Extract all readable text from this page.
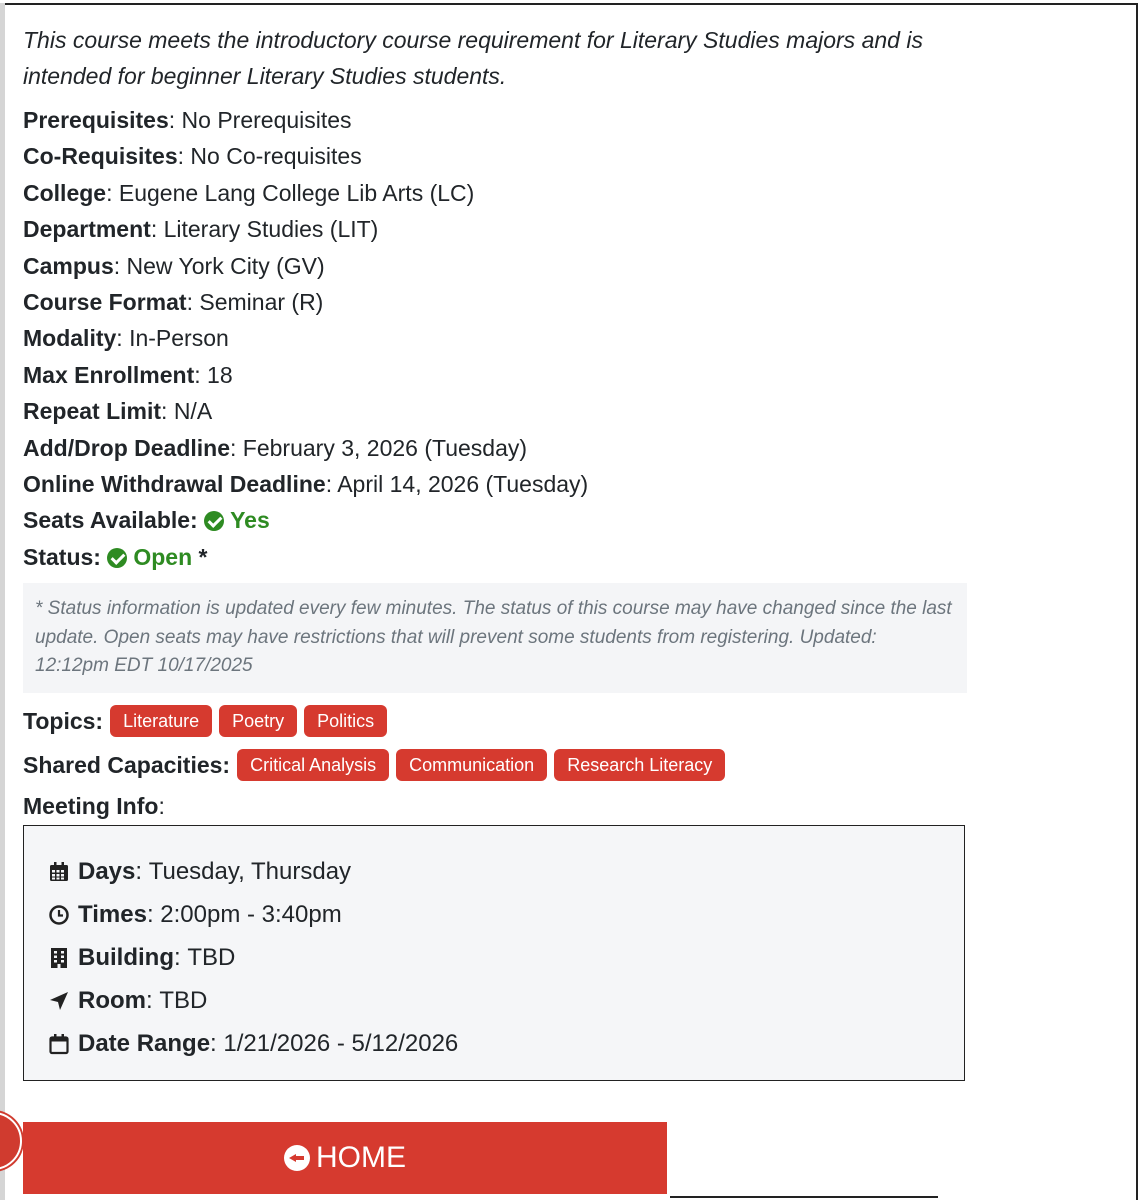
This course meets the introductory course requirement for Literary Studies majors and is intended for beginner Literary Studies students.

Prerequisites: No Prerequisites
Co-Requisites: No Co-requisites
College: Eugene Lang College Lib Arts (LC)
Department: Literary Studies (LIT)
Campus: New York City (GV)
Course Format: Seminar (R)
Modality: In-Person
Max Enrollment: 18
Repeat Limit: N/A
Add/Drop Deadline: February 3, 2026 (Tuesday)
Online Withdrawal Deadline: April 14, 2026 (Tuesday)
Seats Available: Yes
Status: Open *
* Status information is updated every few minutes. The status of this course may have changed since the last update. Open seats may have restrictions that will prevent some students from registering. Updated: 12:12pm EDT 10/17/2025
Topics:	Literature	Poetry	Politics
Shared Capacities:	Critical Analysis	Communication	Research Literacy
Meeting Info:
Days : Tuesday, Thursday
Times : 2:00pm - 3:40pm
Building : TBD
Room : TBD
Date Range : 1/21/2026 - 5/12/2026
HOME
